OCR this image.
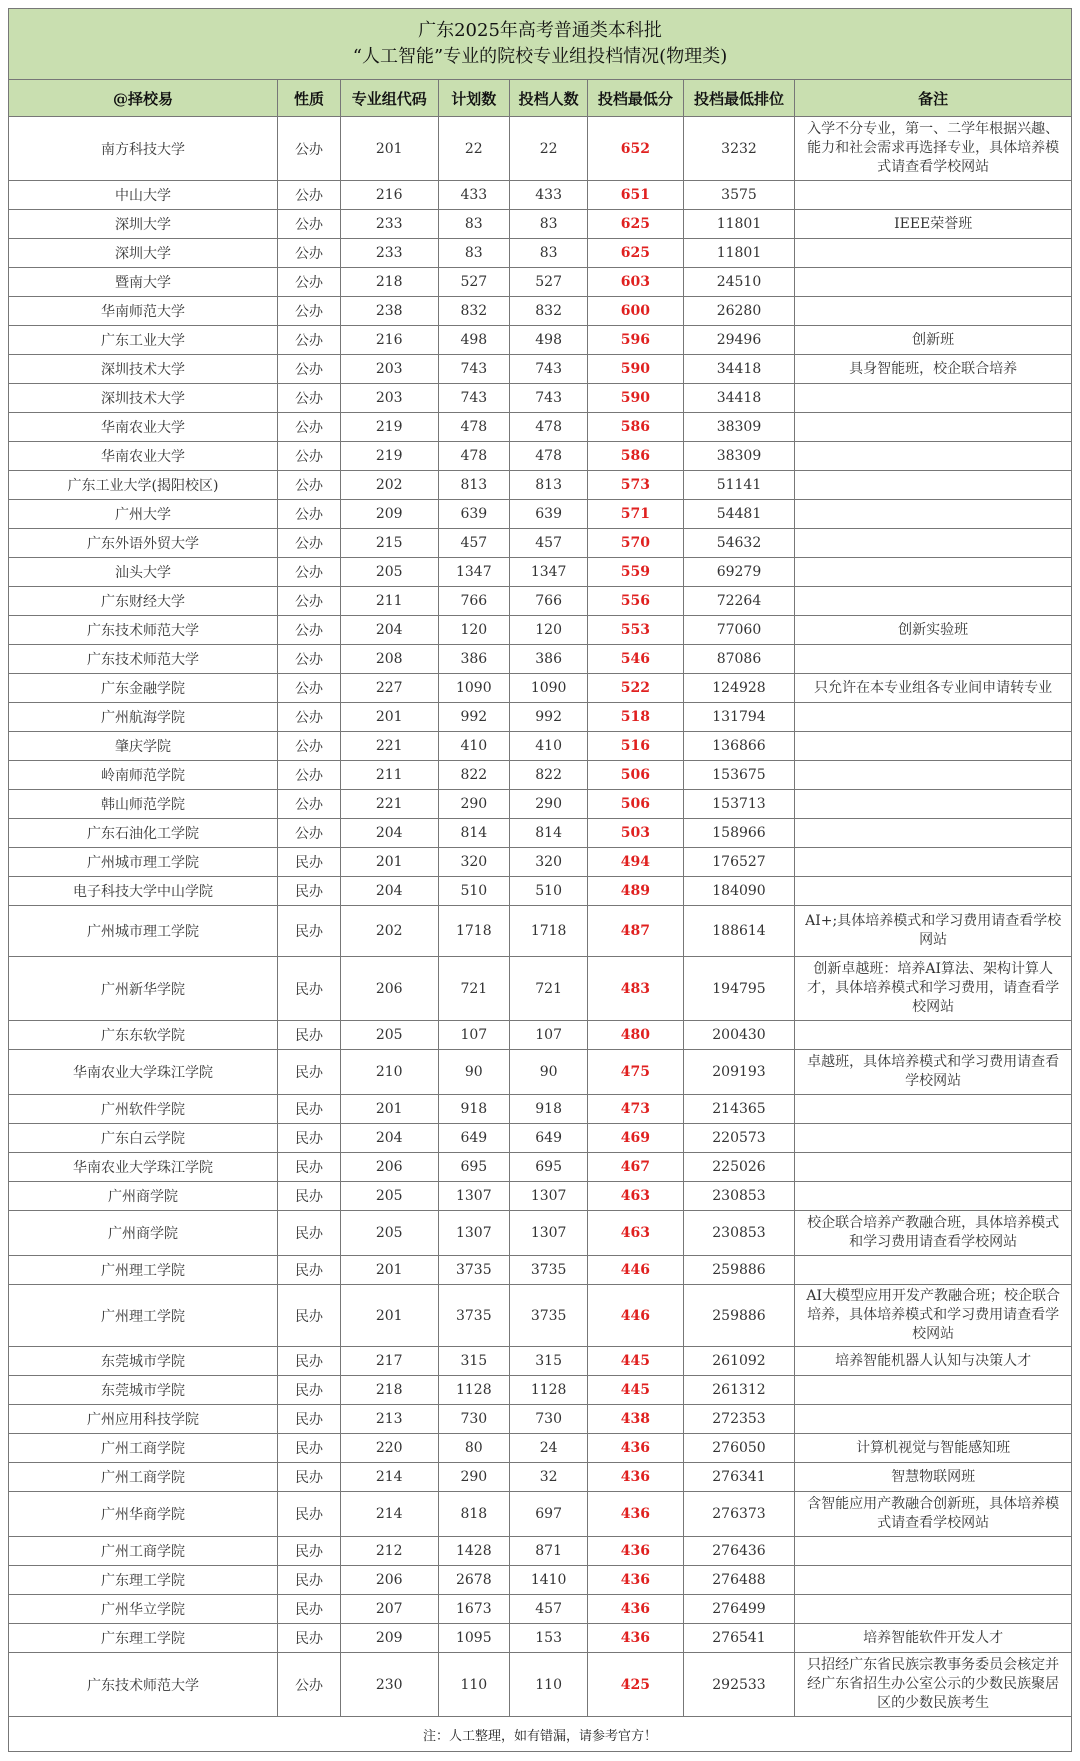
广东2025年高考普通类本科批
“人工智能”专业的院校专业组投档情况(物理类)
@择校易	性质	专业组代码	计划数	投档人数	投档最低分	投档最低排位	备注
南方科技大学	公办	201	22	22	652	3232	入学不分专业，第一、二学年根据兴趣、能力和社会需求再选择专业，具体培养模式请查看学校网站
中山大学	公办	216	433	433	651	3575	
深圳大学	公办	233	83	83	625	11801	IEEE荣誉班
深圳大学	公办	233	83	83	625	11801	
暨南大学	公办	218	527	527	603	24510	
华南师范大学	公办	238	832	832	600	26280	
广东工业大学	公办	216	498	498	596	29496	创新班
深圳技术大学	公办	203	743	743	590	34418	具身智能班，校企联合培养
深圳技术大学	公办	203	743	743	590	34418	
华南农业大学	公办	219	478	478	586	38309	
华南农业大学	公办	219	478	478	586	38309	
广东工业大学(揭阳校区)	公办	202	813	813	573	51141	
广州大学	公办	209	639	639	571	54481	
广东外语外贸大学	公办	215	457	457	570	54632	
汕头大学	公办	205	1347	1347	559	69279	
广东财经大学	公办	211	766	766	556	72264	
广东技术师范大学	公办	204	120	120	553	77060	创新实验班
广东技术师范大学	公办	208	386	386	546	87086	
广东金融学院	公办	227	1090	1090	522	124928	只允许在本专业组各专业间申请转专业
广州航海学院	公办	201	992	992	518	131794	
肇庆学院	公办	221	410	410	516	136866	
岭南师范学院	公办	211	822	822	506	153675	
韩山师范学院	公办	221	290	290	506	153713	
广东石油化工学院	公办	204	814	814	503	158966	
广州城市理工学院	民办	201	320	320	494	176527	
电子科技大学中山学院	民办	204	510	510	489	184090	
广州城市理工学院	民办	202	1718	1718	487	188614	AI+;具体培养模式和学习费用请查看学校网站
广州新华学院	民办	206	721	721	483	194795	创新卓越班：培养AI算法、架构计算人才，具体培养模式和学习费用，请查看学校网站
广东东软学院	民办	205	107	107	480	200430	
华南农业大学珠江学院	民办	210	90	90	475	209193	卓越班，具体培养模式和学习费用请查看学校网站
广州软件学院	民办	201	918	918	473	214365	
广东白云学院	民办	204	649	649	469	220573	
华南农业大学珠江学院	民办	206	695	695	467	225026	
广州商学院	民办	205	1307	1307	463	230853	
广州商学院	民办	205	1307	1307	463	230853	校企联合培养产教融合班，具体培养模式和学习费用请查看学校网站
广州理工学院	民办	201	3735	3735	446	259886	
广州理工学院	民办	201	3735	3735	446	259886	AI大模型应用开发产教融合班；校企联合培养，具体培养模式和学习费用请查看学校网站
东莞城市学院	民办	217	315	315	445	261092	培养智能机器人认知与决策人才
东莞城市学院	民办	218	1128	1128	445	261312	
广州应用科技学院	民办	213	730	730	438	272353	
广州工商学院	民办	220	80	24	436	276050	计算机视觉与智能感知班
广州工商学院	民办	214	290	32	436	276341	智慧物联网班
广州华商学院	民办	214	818	697	436	276373	含智能应用产教融合创新班，具体培养模式请查看学校网站
广州工商学院	民办	212	1428	871	436	276436	
广东理工学院	民办	206	2678	1410	436	276488	
广州华立学院	民办	207	1673	457	436	276499	
广东理工学院	民办	209	1095	153	436	276541	培养智能软件开发人才
广东技术师范大学	公办	230	110	110	425	292533	只招经广东省民族宗教事务委员会核定并经广东省招生办公室公示的少数民族聚居区的少数民族考生
注：人工整理，如有错漏，请参考官方！
